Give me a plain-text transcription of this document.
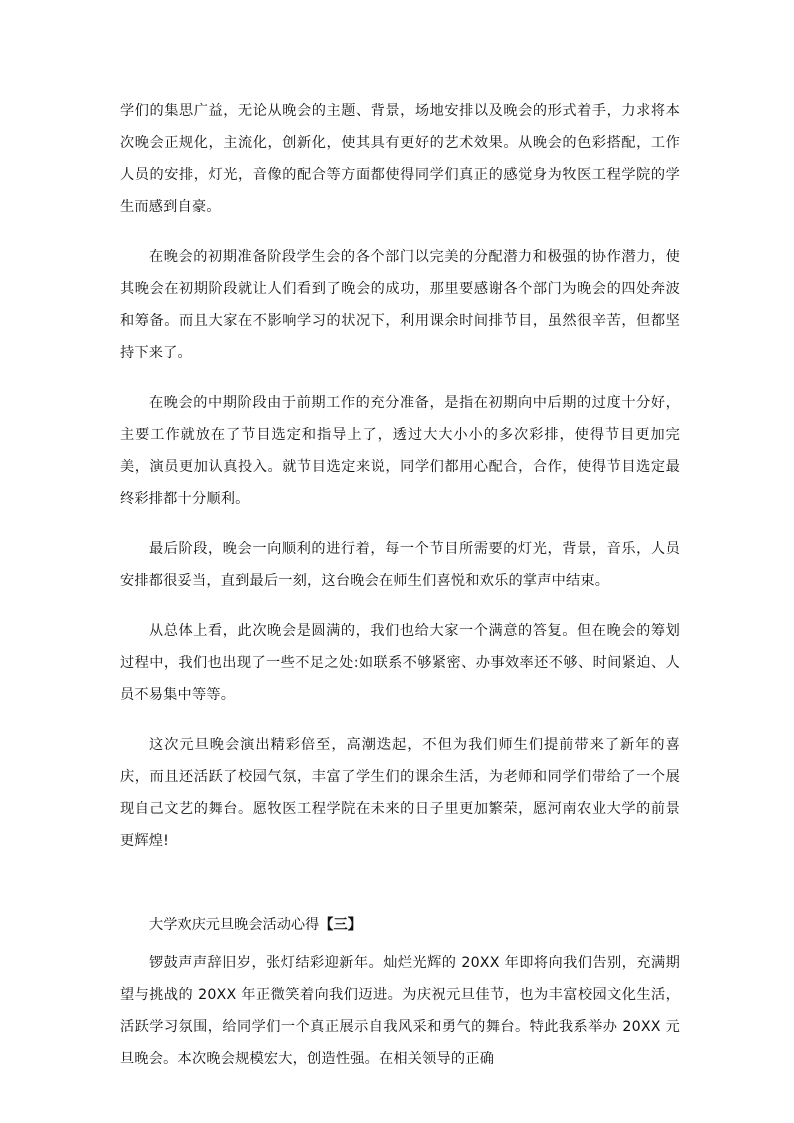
学们的集思广益，无论从晚会的主题、背景，场地安排以及晚会的形式着手，力求将本次晚会正规化，主流化，创新化，使其具有更好的艺术效果。从晚会的色彩搭配，工作人员的安排，灯光，音像的配合等方面都使得同学们真正的感觉身为牧医工程学院的学生而感到自豪。

在晚会的初期准备阶段学生会的各个部门以完美的分配潜力和极强的协作潜力，使其晚会在初期阶段就让人们看到了晚会的成功，那里要感谢各个部门为晚会的四处奔波和筹备。而且大家在不影响学习的状况下，利用课余时间排节目，虽然很辛苦，但都坚持下来了。

在晚会的中期阶段由于前期工作的充分准备，是指在初期向中后期的过度十分好，主要工作就放在了节目选定和指导上了，透过大大小小的多次彩排，使得节目更加完美，演员更加认真投入。就节目选定来说，同学们都用心配合，合作，使得节目选定最终彩排都十分顺利。

最后阶段，晚会一向顺利的进行着，每一个节目所需要的灯光，背景，音乐，人员安排都很妥当，直到最后一刻，这台晚会在师生们喜悦和欢乐的掌声中结束。

从总体上看，此次晚会是圆满的，我们也给大家一个满意的答复。但在晚会的筹划过程中，我们也出现了一些不足之处:如联系不够紧密、办事效率还不够、时间紧迫、人员不易集中等等。

这次元旦晚会演出精彩倍至，高潮迭起，不但为我们师生们提前带来了新年的喜庆，而且还活跃了校园气氛，丰富了学生们的课余生活，为老师和同学们带给了一个展现自己文艺的舞台。愿牧医工程学院在未来的日子里更加繁荣，愿河南农业大学的前景更辉煌!

大学欢庆元旦晚会活动心得【三】

锣鼓声声辞旧岁，张灯结彩迎新年。灿烂光辉的 20XX 年即将向我们告别，充满期望与挑战的 20XX 年正微笑着向我们迈进。为庆祝元旦佳节，也为丰富校园文化生活，活跃学习氛围，给同学们一个真正展示自我风采和勇气的舞台。特此我系举办 20XX 元旦晚会。本次晚会规模宏大，创造性强。在相关领导的正确
